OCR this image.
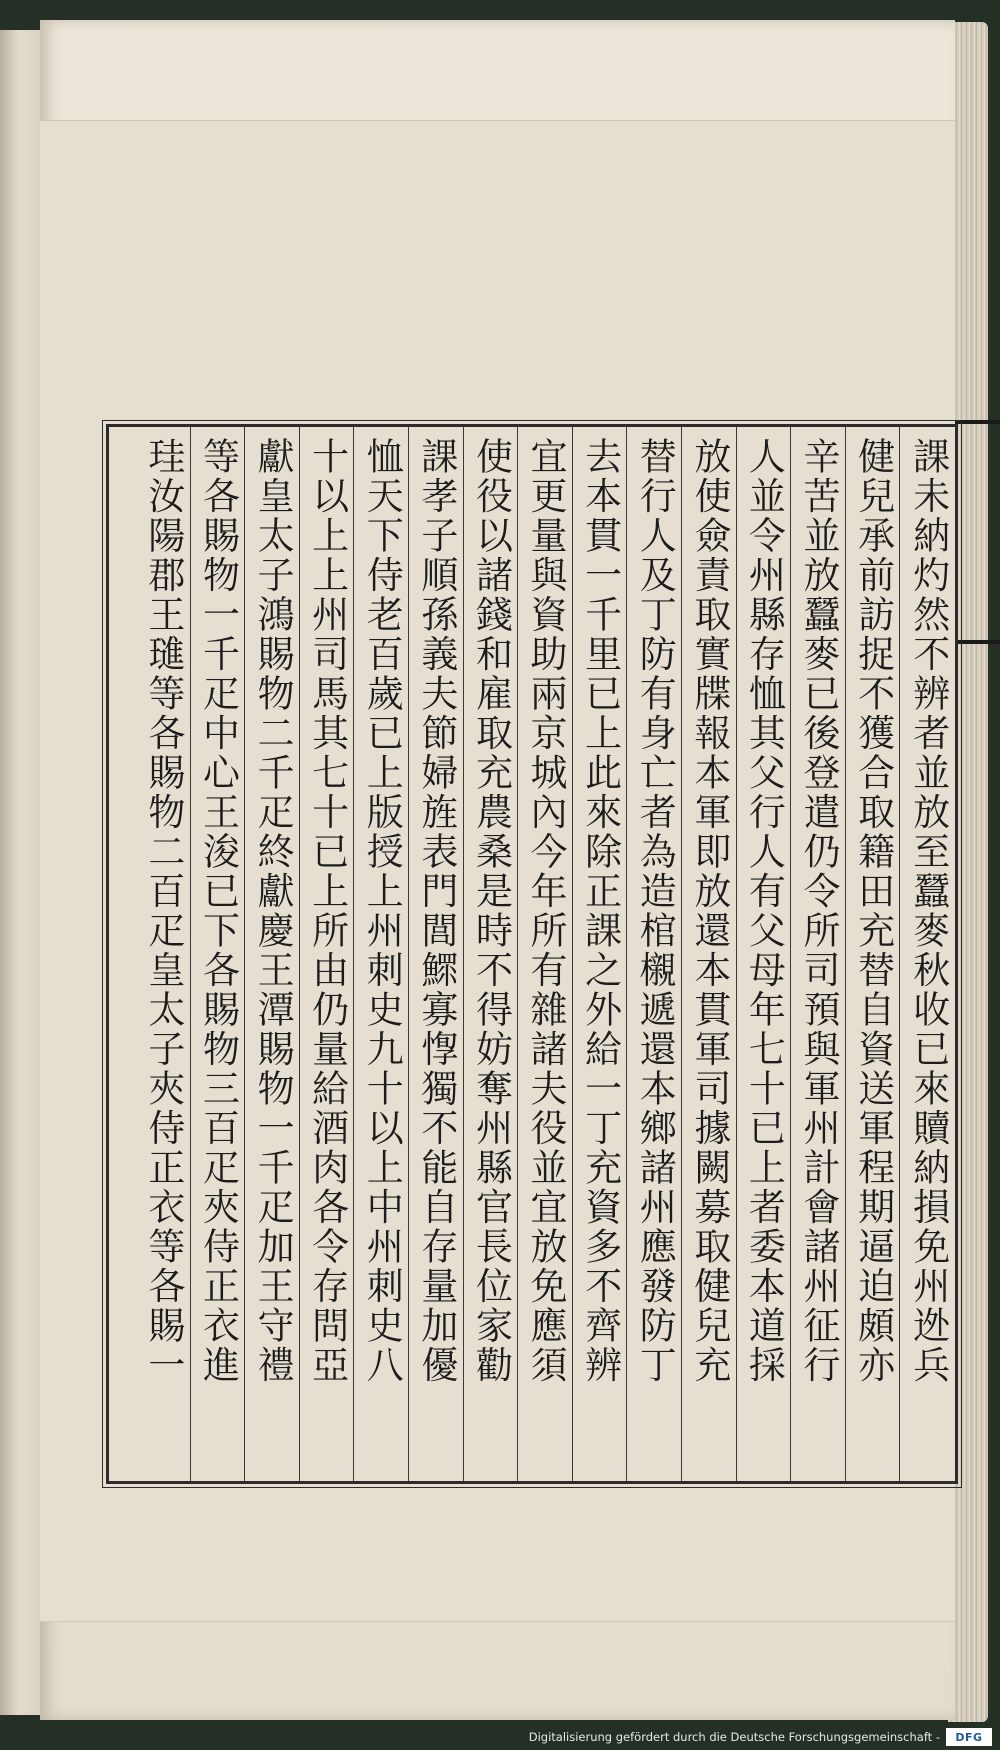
課未納灼然不辨者並放至蠶麥秋收已來贖納損免州迯兵
健兒承前訪捉不獲合取籍田充替自資送軍程期逼迫頗亦
辛苦並放蠶麥已後登遣仍令所司預與軍州計會諸州征行
人並令州縣存恤其父行人有父母年七十已上者委本道採
放使僉責取實牒報本軍即放還本貫軍司據闕募取健兒充
替行人及丁防有身亡者為造棺櫬遞還本鄉諸州應發防丁
去本貫一千里已上此來除正課之外給一丁充資多不齊辨
宜更量與資助兩京城內今年所有雜諸夫役並宜放免應須
使役以諸錢和雇取充農桑是時不得妨奪州縣官長位家勸
課孝子順孫義夫節婦旌表門閭鰥寡惸獨不能自存量加優
恤天下侍老百歲已上版授上州刺史九十以上中州刺史八
十以上上州司馬其七十已上所由仍量給酒肉各令存問亞
獻皇太子鴻賜物二千疋終獻慶王潭賜物一千疋加王守禮
等各賜物一千疋中心王浚已下各賜物三百疋夾侍正衣進
珪汝陽郡王璡等各賜物二百疋皇太子夾侍正衣等各賜一
Digitalisierung gefördert durch die Deutsche Forschungsgemeinschaft -	DFG
